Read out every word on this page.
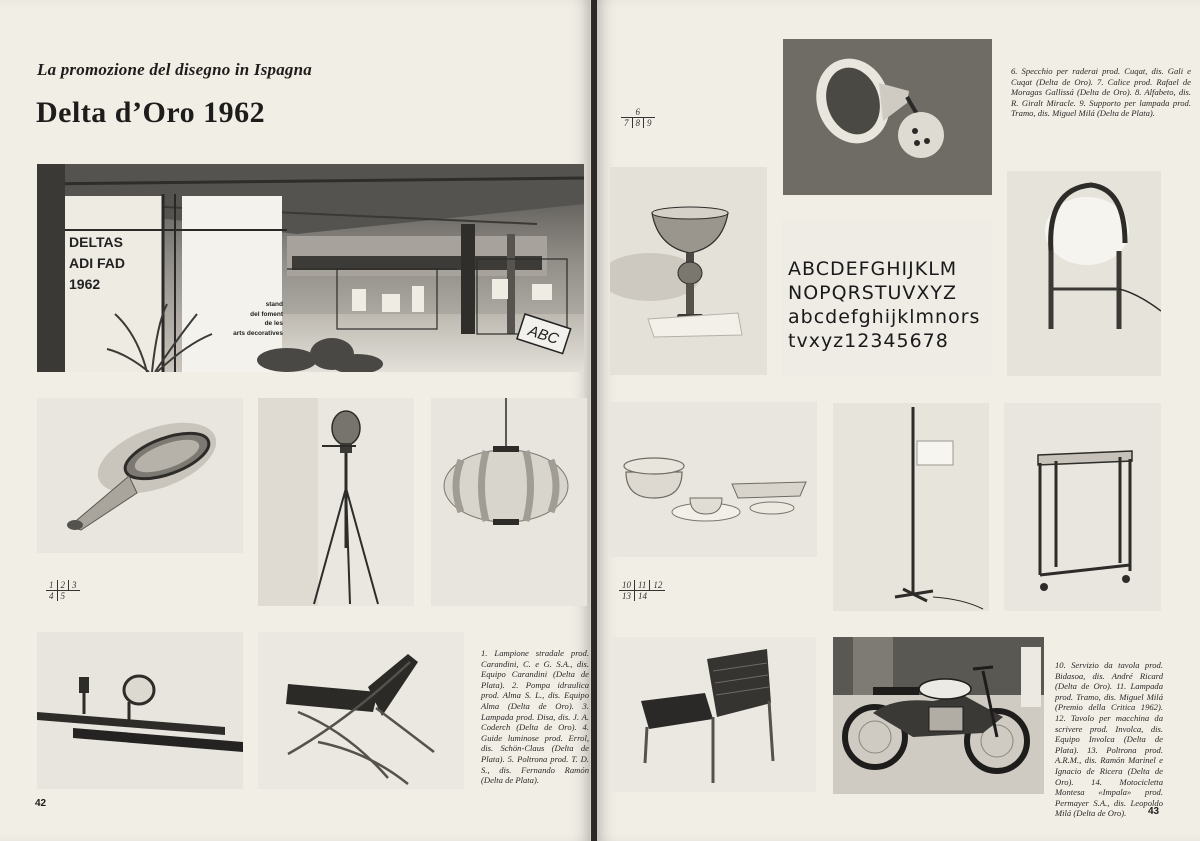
La promozione del disegno in Ispagna
Delta d’Oro 1962
ABC
DELTAS
ADI FAD
1962
stand
del foment
de les
arts decoratives
1 2 3
4 5
1. Lampione stradale prod. Carandini, C. e G. S.A., dis. Equipo Carandini (Delta de Plata). 2. Pompa idraulica prod. Alma S. L., dis. Equipo Alma (Delta de Oro). 3. Lampada prod. Disa, dis. J. A. Coderch (Delta de Oro). 4. Guide luminose prod. Errol, dis. Schön-Claus (Delta de Plata). 5. Poltrona prod. T. D. S., dis. Fernando Ramón (Delta de Plata).
42
6
7 8 9
6. Specchio per raderai prod. Cuqat, dis. Gali e Cuqat (Delta de Oro). 7. Calice prod. Rafael de Moragas Gallissá (Delta de Oro). 8. Alfabeto, dis. R. Giralt Miracle. 9. Supporto per lampada prod. Tramo, dis. Miguel Milá (Delta de Plata).
ABCDEFGHIJKLM
NOPQRSTUVXYZ
abcdefghijklmnors
tvxyz12345678
10 11 12
13 14
10. Servizio da tavola prod. Bidasoa, dis. André Ricard (Delta de Oro). 11. Lampada prod. Tramo, dis. Miguel Milá (Premio della Critica 1962). 12. Tavolo per macchina da scrivere prod. Involca, dis. Equipo Involca (Delta de Plata). 13. Poltrona prod. A.R.M., dis. Ramón Marinel e Ignacio de Ricera (Delta de Oro). 14. Motocicletta Montesa «Impala» prod. Permayer S.A., dis. Leopoldo Milá (Delta de Oro).	43
